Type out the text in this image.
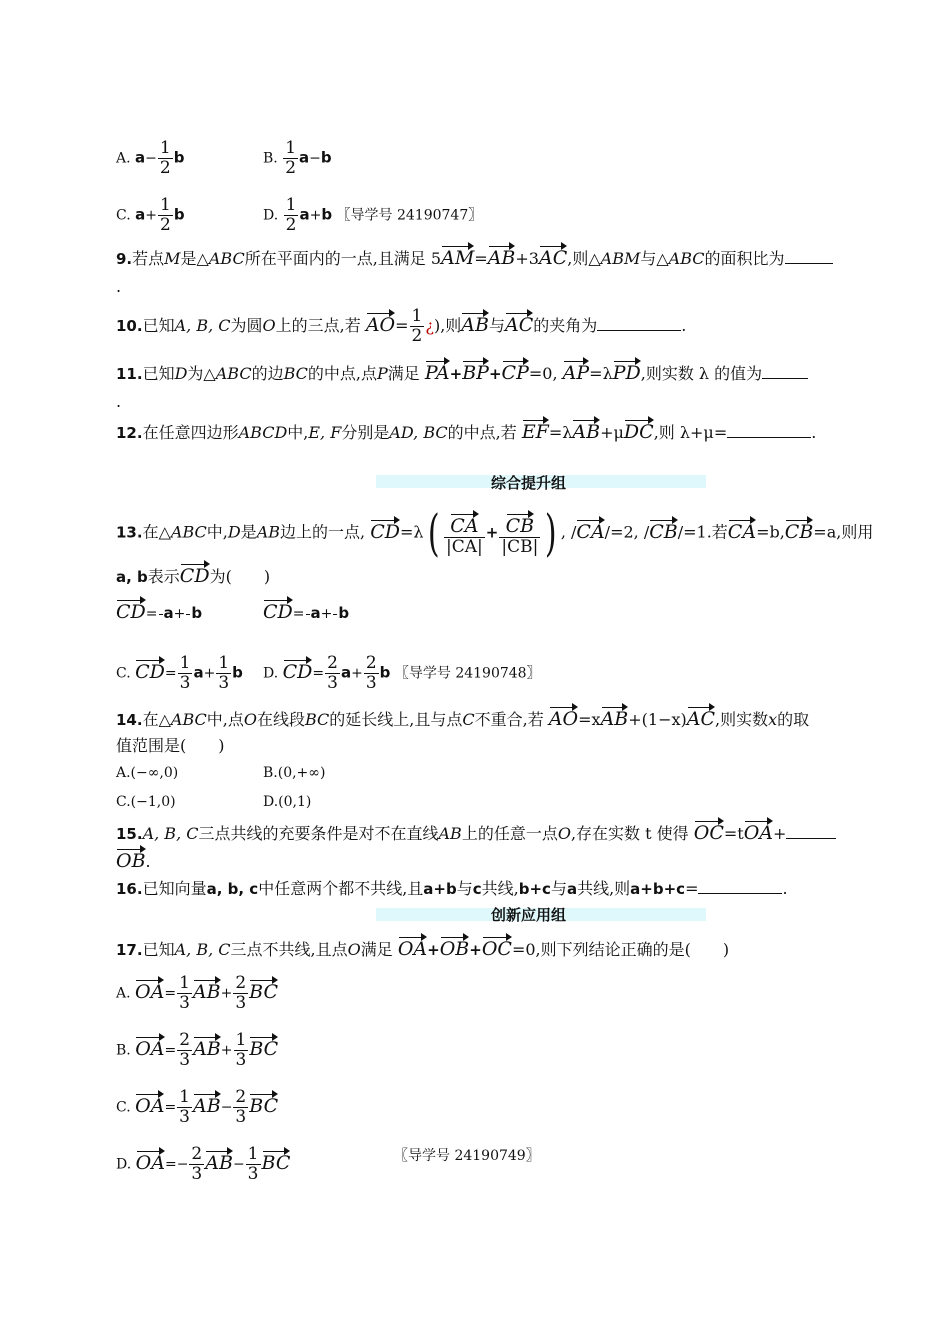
A. $a- \frac{1}{2}$ b	B. $\frac{1}{2} a-b$
C. $a+ \frac{1}{2}$ b	D. $\frac{1}{2} a+b$ 〖导学号 24190747〗
9.若点M是△ABC所在平面内的一点,且满足 5AM=AB+3AC,则△ABM与△ABC的面积比为
.
10.已知A, B, C为圆O上的三点,若 $AO= \frac{1}{2}$ ¿),则AB与AC的夹角为	.
11.已知D为△ABC的边BC的中点,点P满足 PA+BP+CP=0, AP=λPD,则实数 λ 的值为
.
12.在任意四边形ABCD中,E, F分别是AD, BC的中点,若 EF=λAB+μDC,则 λ+μ=	.
综合提升组
13.在△ABC中,D是AB边上的一点, $CD=\lambda( \frac{CA}{|CA|} + \frac{CB}{|CB|}$ ) , /CA/=2, /CB/=1.若CA=b,CB=a,则用
a, b表示CD为(　　)
CD= a+ b	CD= a+ b
C. $CD= \frac{1}{3} a+ \frac{1}{3}$ b D. $CD= \frac{2}{3} a+ \frac{2}{3}$ b 〖导学号 24190748〗
14.在△ABC中,点O在线段BC的延长线上,且与点C不重合,若 AO=xAB+(1−x)AC,则实数x的取
值范围是(　　)
A.(−∞,0)	B.(0,+∞)
C.(−1,0)	D.(0,1)
15.A, B, C三点共线的充要条件是对不在直线AB上的任意一点O,存在实数 t 使得 OC=tOA+
OB.
16.已知向量a, b, c中任意两个都不共线,且a+b与c共线,b+c与a共线,则a+b+c=	.
创新应用组
17.已知A, B, C三点不共线,且点O满足 OA+OB+OC=0,则下列结论正确的是(　　)
A. $OA= \frac{1}{3} AB+ \frac{2}{3}$ BC
B. $OA= \frac{2}{3} AB+ \frac{1}{3}$ BC
C. $OA= \frac{1}{3} AB- \frac{2}{3}$ BC
D. $OA=- \frac{2}{3} AB- \frac{1}{3}$ BC	〖导学号 24190749〗
